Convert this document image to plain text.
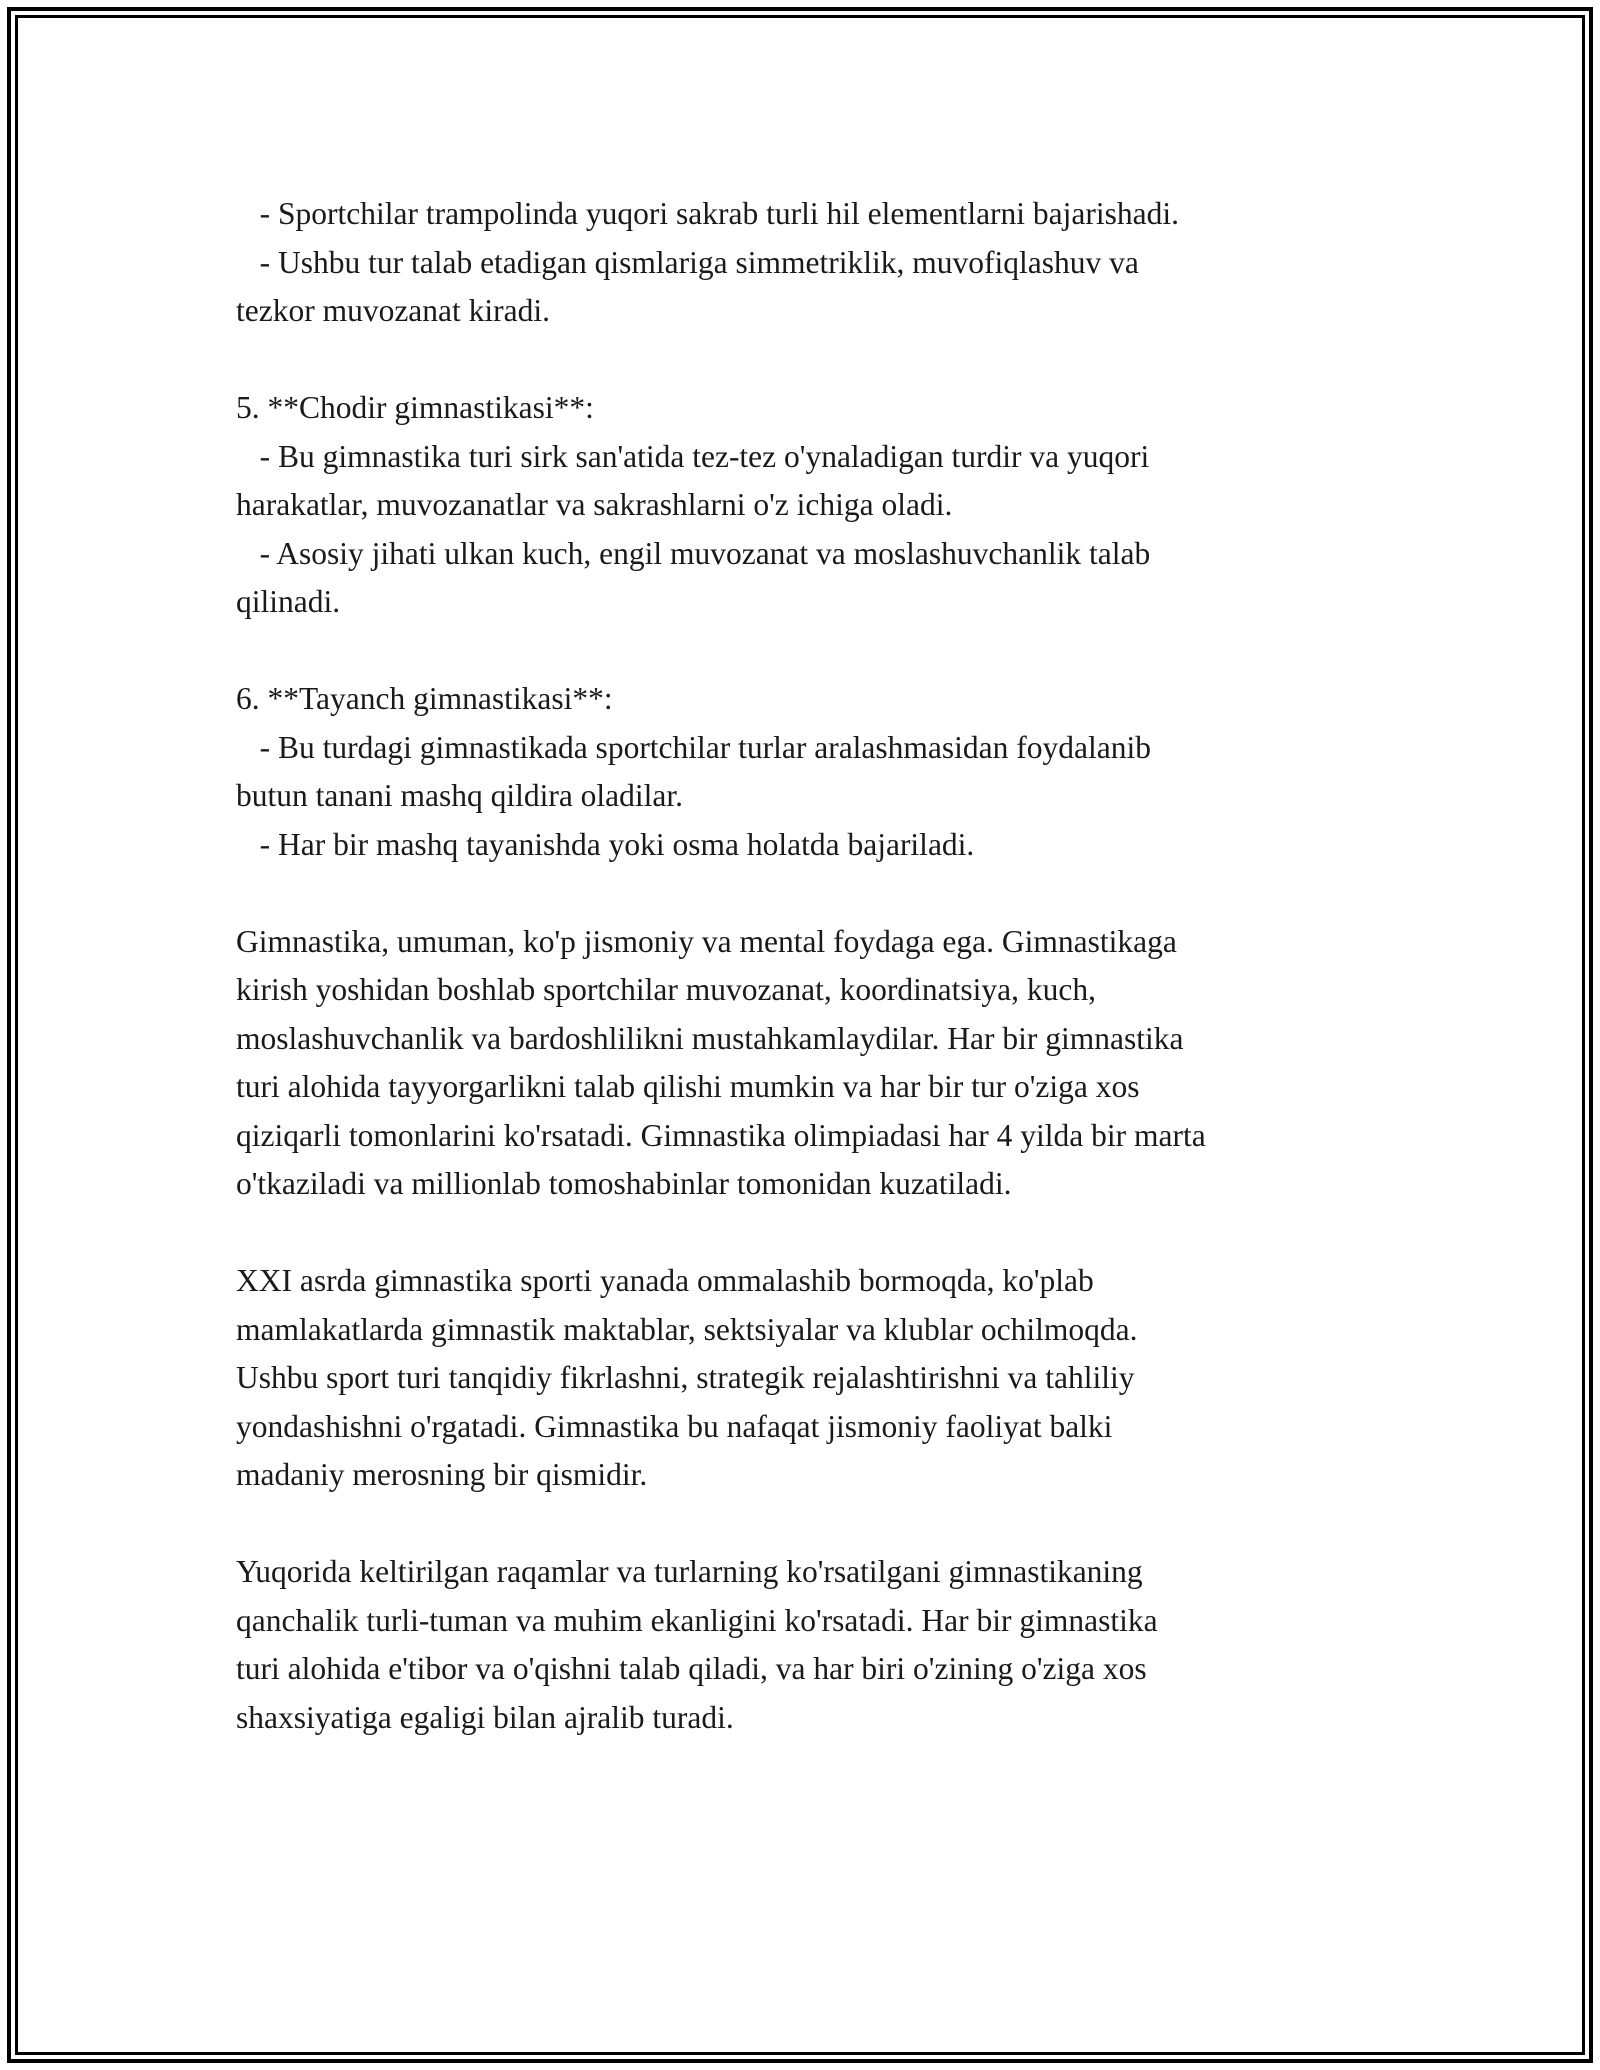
- Sportchilar trampolinda yuqori sakrab turli hil elementlarni bajarishadi.
- Ushbu tur talab etadigan qismlariga simmetriklik, muvofiqlashuv va
tezkor muvozanat kiradi.
5. **Chodir gimnastikasi**:
- Bu gimnastika turi sirk san'atida tez-tez o'ynaladigan turdir va yuqori
harakatlar, muvozanatlar va sakrashlarni o'z ichiga oladi.
- Asosiy jihati ulkan kuch, engil muvozanat va moslashuvchanlik talab
qilinadi.
6. **Tayanch gimnastikasi**:
- Bu turdagi gimnastikada sportchilar turlar aralashmasidan foydalanib
butun tanani mashq qildira oladilar.
- Har bir mashq tayanishda yoki osma holatda bajariladi.
Gimnastika, umuman, ko'p jismoniy va mental foydaga ega. Gimnastikaga
kirish yoshidan boshlab sportchilar muvozanat, koordinatsiya, kuch,
moslashuvchanlik va bardoshlilikni mustahkamlaydilar. Har bir gimnastika
turi alohida tayyorgarlikni talab qilishi mumkin va har bir tur o'ziga xos
qiziqarli tomonlarini ko'rsatadi. Gimnastika olimpiadasi har 4 yilda bir marta
o'tkaziladi va millionlab tomoshabinlar tomonidan kuzatiladi.
XXI asrda gimnastika sporti yanada ommalashib bormoqda, ko'plab
mamlakatlarda gimnastik maktablar, sektsiyalar va klublar ochilmoqda.
Ushbu sport turi tanqidiy fikrlashni, strategik rejalashtirishni va tahliliy
yondashishni o'rgatadi. Gimnastika bu nafaqat jismoniy faoliyat balki
madaniy merosning bir qismidir.
Yuqorida keltirilgan raqamlar va turlarning ko'rsatilgani gimnastikaning
qanchalik turli-tuman va muhim ekanligini ko'rsatadi. Har bir gimnastika
turi alohida e'tibor va o'qishni talab qiladi, va har biri o'zining o'ziga xos
shaxsiyatiga egaligi bilan ajralib turadi.
